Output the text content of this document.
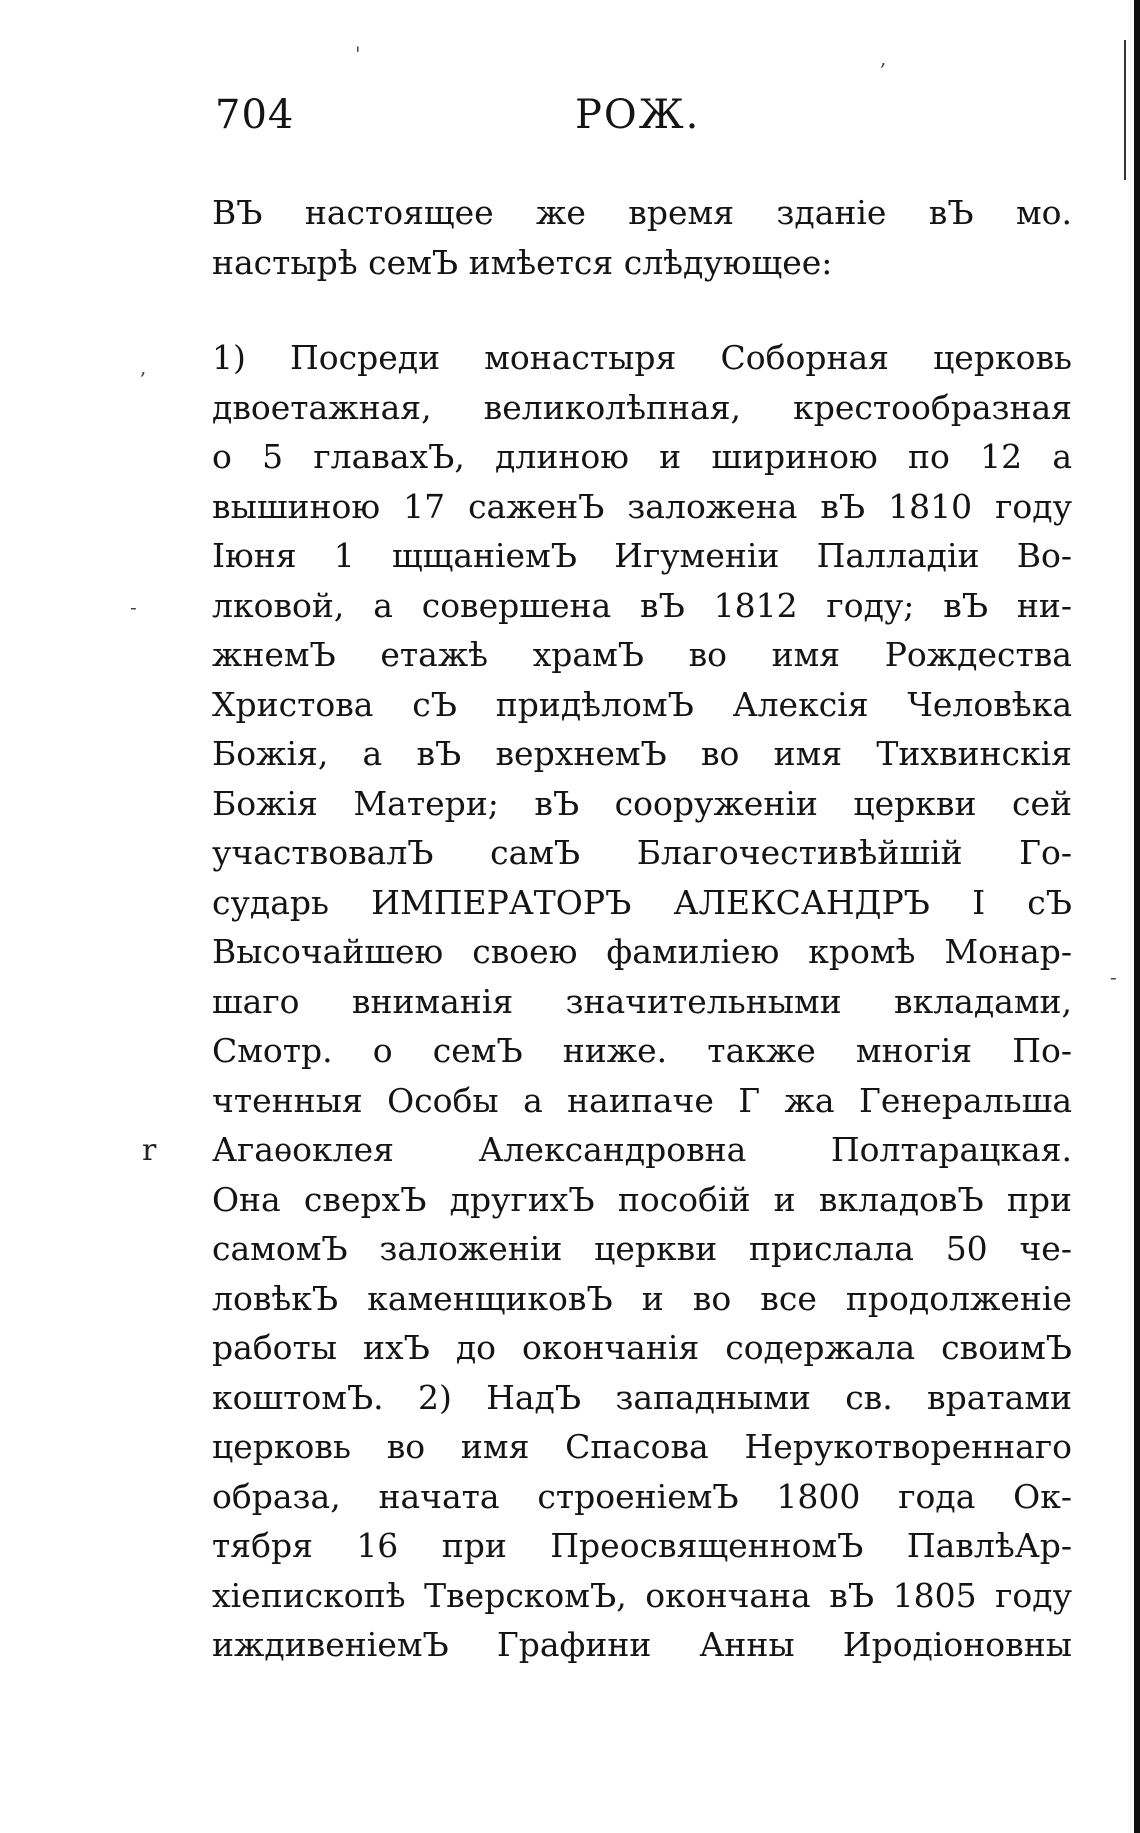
'	,
,
-
-
r
704	РОЖ.
ВЪ настоящее же время зданіе вЪ мо.
настырѣ семЪ имѣется слѣдующее:
1) Посреди монастыря Соборная церковь
двоетажная, великолѣпная, крестообразная
о 5 главахЪ, длиною и шириною по 12 а
вышиною 17 саженЪ заложена вЪ 1810 году
Іюня 1 щщаніемЪ Игуменіи Палладіи Во-
лковой, а совершена вЪ 1812 году; вЪ ни-
жнемЪ етажѣ храмЪ во имя Рождества
Христова сЪ придѣломЪ Алексія Человѣка
Божія, а вЪ верхнемЪ во имя Тихвинскія
Божія Матери; вЪ сооруженіи церкви сей
участвовалЪ самЪ Благочестивѣйшій Го-
сударь ИМПЕРАТОРЪ АЛЕКСАНДРЪ I сЪ
Высочайшею своею фамиліею кромѣ Монар-
шаго вниманія значительными вкладами,
Смотр. о семЪ ниже. также многія По-
чтенныя Особы а наипаче Г жа Генеральша
Агаѳоклея Александровна Полтарацкая.
Она сверхЪ другихЪ пособій и вкладовЪ при
самомЪ заложеніи церкви прислала 50 че-
ловѣкЪ каменщиковЪ и во все продолженіе
работы ихЪ до окончанія содержала своимЪ
коштомЪ. 2) НадЪ западными св. вратами
церковь во имя Спасова Нерукотвореннаго
образа, начата строеніемЪ 1800 года Ок-
тября 16 при ПреосвященномЪ ПавлѣАр-
хіепископѣ ТверскомЪ, окончана вЪ 1805 году
иждивеніемЪ Графини Анны Иродіоновны
